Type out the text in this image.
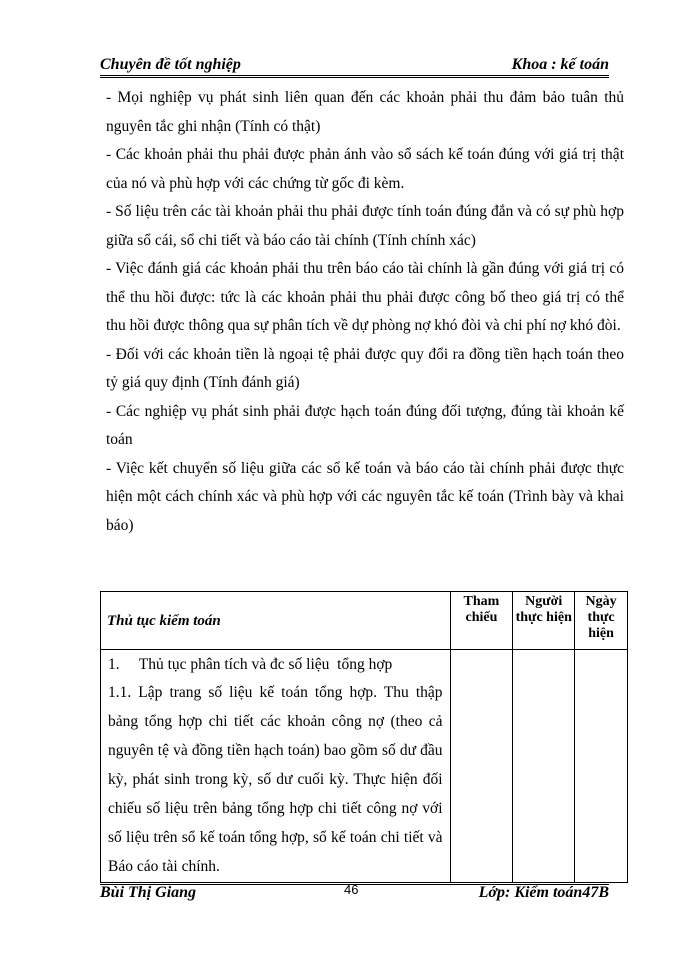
Chuyên đề tốt nghiệp	Khoa : kế toán

- Mọi nghiệp vụ phát sinh liên quan đến các khoản phải thu đảm bảo tuân thủ nguyên tắc ghi nhận (Tính có thật)

- Các khoản phải thu phải được phản ánh vào sổ sách kế toán đúng với giá trị thật của nó và phù hợp với các chứng từ gốc đi kèm.

- Số liệu trên các tài khoản phải thu phải được tính toán đúng đắn và có sự phù hợp giữa sổ cái, sổ chi tiết và báo cáo tài chính (Tính chính xác)

- Việc đánh giá các khoản phải thu trên báo cáo tài chính là gần đúng với giá trị có thể thu hồi được: tức là các khoản phải thu phải được công bố theo giá trị có thể thu hồi được thông qua sự phân tích về dự phòng nợ khó đòi và chi phí nợ khó đòi.

- Đối với các khoản tiền là ngoại tệ phải được quy đổi ra đồng tiền hạch toán theo tỷ giá quy định (Tính đánh giá)

- Các nghiệp vụ phát sinh phải được hạch toán đúng đối tượng, đúng tài khoản kế toán

- Việc kết chuyển số liệu giữa các sổ kế toán và báo cáo tài chính phải được thực hiện một cách chính xác và phù hợp với các nguyên tắc kế toán (Trình bày và khai báo)

Thủ tục kiểm toán	Tham chiếu	Người thực hiện	Ngày thực hiện

1.     Thủ tục phân tích và đc số liệu  tổng hợp
1.1. Lập trang số liệu kế toán tổng hợp. Thu thập bảng tổng hợp chi tiết các khoản công nợ (theo cả nguyên tệ và đồng tiền hạch toán) bao gồm số dư đầu kỳ, phát sinh trong kỳ, số dư cuối kỳ. Thực hiện đối chiếu số liệu trên bảng tổng hợp chi tiết công nợ với số liệu trên sổ kế toán tổng hợp, sổ kế toán chi tiết và Báo cáo tài chính.			

Bùi Thị Giang	46	Lớp: Kiểm toán47B
